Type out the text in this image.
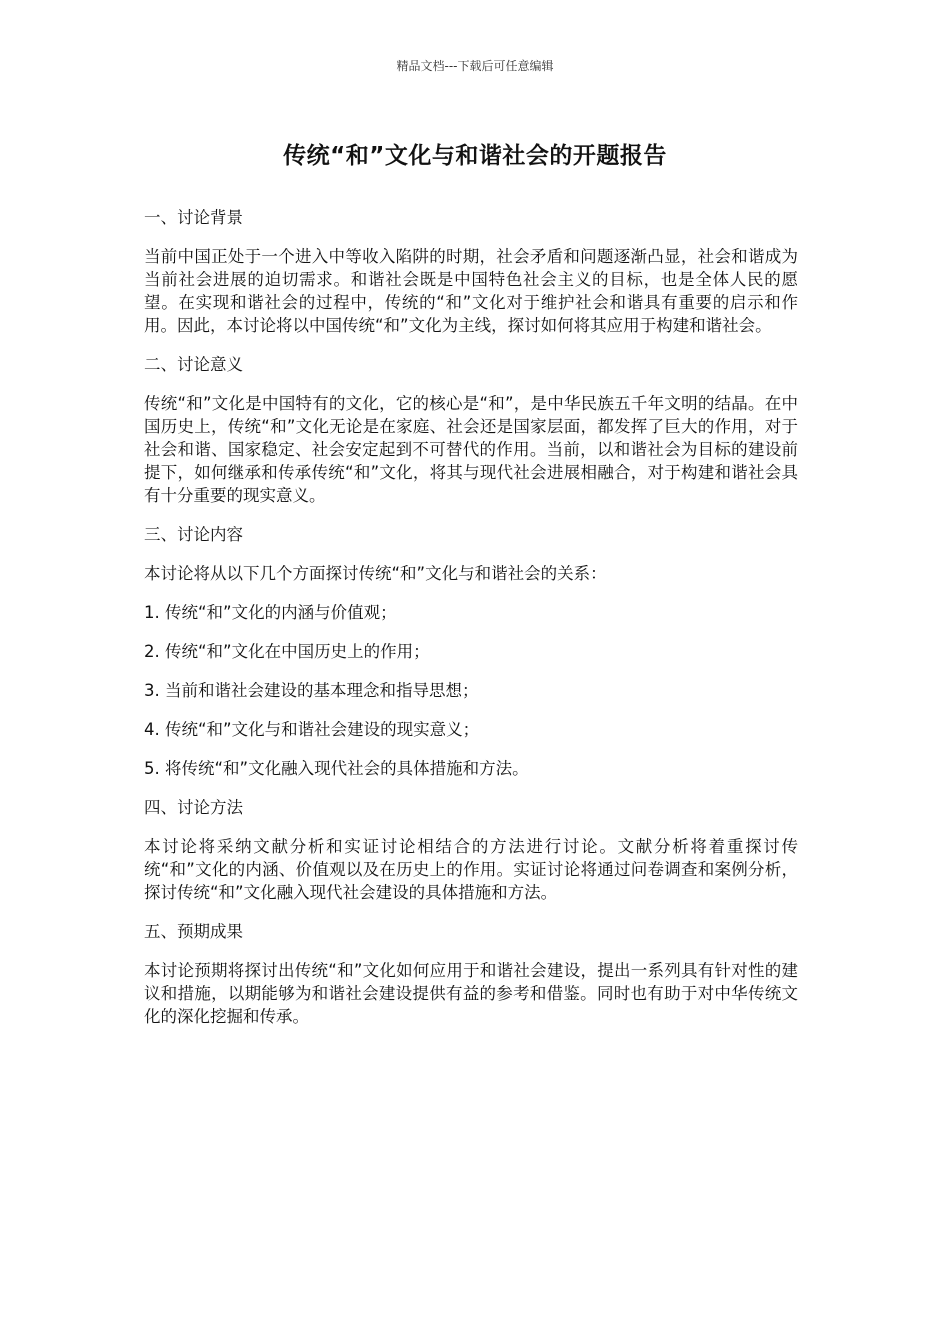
精品文档---下载后可任意编辑
传统“和”文化与和谐社会的开题报告

一、讨论背景

当前中国正处于一个进入中等收入陷阱的时期，社会矛盾和问题逐渐凸显，社会和谐成为当前社会进展的迫切需求。和谐社会既是中国特色社会主义的目标，也是全体人民的愿望。在实现和谐社会的过程中，传统的“和”文化对于维护社会和谐具有重要的启示和作用。因此，本讨论将以中国传统“和”文化为主线，探讨如何将其应用于构建和谐社会。

二、讨论意义

传统“和”文化是中国特有的文化，它的核心是“和”，是中华民族五千年文明的结晶。在中国历史上，传统“和”文化无论是在家庭、社会还是国家层面，都发挥了巨大的作用，对于社会和谐、国家稳定、社会安定起到不可替代的作用。当前，以和谐社会为目标的建设前提下，如何继承和传承传统“和”文化，将其与现代社会进展相融合，对于构建和谐社会具有十分重要的现实意义。

三、讨论内容

本讨论将从以下几个方面探讨传统“和”文化与和谐社会的关系：

1. 传统“和”文化的内涵与价值观；

2. 传统“和”文化在中国历史上的作用；

3. 当前和谐社会建设的基本理念和指导思想；

4. 传统“和”文化与和谐社会建设的现实意义；

5. 将传统“和”文化融入现代社会的具体措施和方法。

四、讨论方法

本讨论将采纳文献分析和实证讨论相结合的方法进行讨论。文献分析将着重探讨传统“和”文化的内涵、价值观以及在历史上的作用。实证讨论将通过问卷调查和案例分析，探讨传统“和”文化融入现代社会建设的具体措施和方法。

五、预期成果

本讨论预期将探讨出传统“和”文化如何应用于和谐社会建设，提出一系列具有针对性的建议和措施，以期能够为和谐社会建设提供有益的参考和借鉴。同时也有助于对中华传统文化的深化挖掘和传承。
